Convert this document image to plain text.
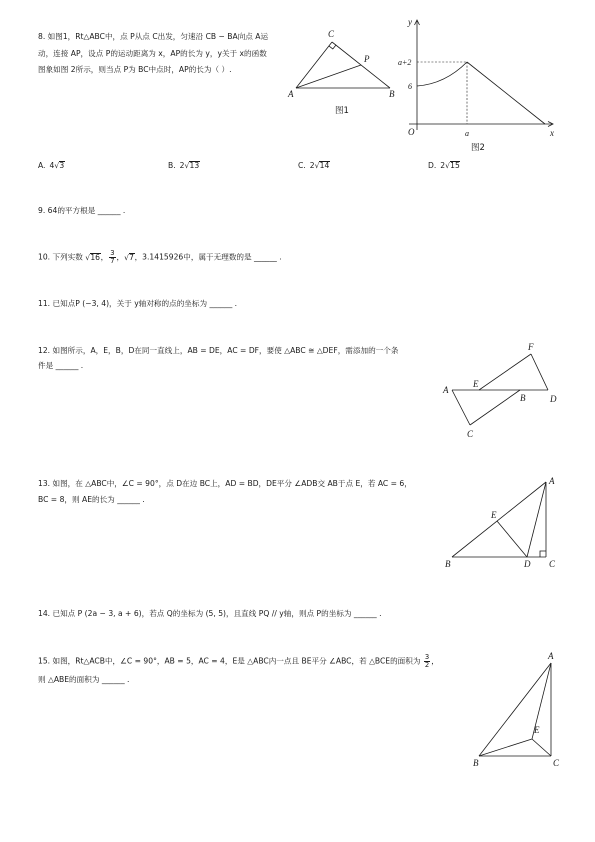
8. 如图1，Rt△ABC中，点 P从点 C出发，匀速沿 CB − BA向点 A运
动，连接 AP，设点 P的运动距离为 x，AP的长为 y，y关于 x的函数
图象如图 2所示，则当点 P为 BC中点时，AP的长为（ ）.
C
A	B
P
图1
y
x
O
a+2
6
a
图2
A. 4√3	B. 2√13	C. 2√14	D. 2√15
9. 64的平方根是 ______ .
10. 下列实数 √16， $\frac{3}{7}$ ，√7，3.1415926中，属于无理数的是 ______ .
11. 已知点P (−3, 4)，关于 y轴对称的点的坐标为 ______ .
12. 如图所示，A，E，B，D在同一直线上，AB = DE，AC = DF，要使 △ABC ≅ △DEF，需添加的一个条
件是 ______ .
A
E
B	D
F
C
13. 如图，在 △ABC中，∠C = 90°，点 D在边 BC上，AD = BD，DE平分 ∠ADB交 AB于点 E，若 AC = 6，
BC = 8，则 AE的长为 ______ .
A
B	C
D
E
14. 已知点 P (2a − 3, a + 6)，若点 Q的坐标为 (5, 5)，且直线 PQ // y轴，则点 P的坐标为 ______ .
15. 如图，Rt△ACB中，∠C = 90°，AB = 5，AC = 4，E是 △ABC内一点且 BE平分 ∠ABC，若 △BCE的面积为 $\frac{3}{2}$ ，
则 △ABE的面积为 ______ .
A
B	C
E
